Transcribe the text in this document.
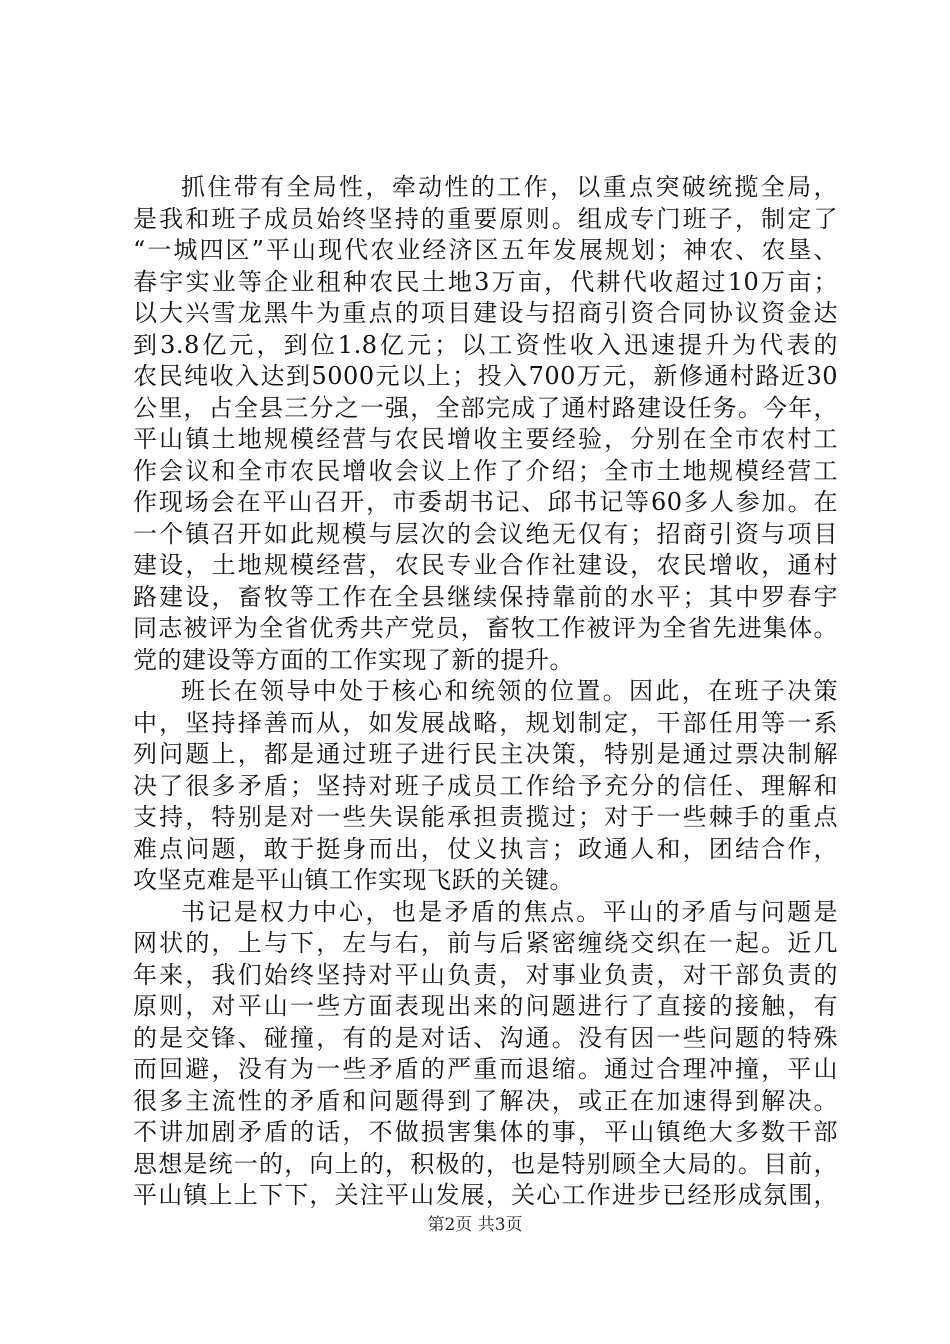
抓住带有全局性，牵动性的工作，以重点突破统揽全局，
是我和班子成员始终坚持的重要原则。组成专门班子，制定了
“一城四区”平山现代农业经济区五年发展规划；神农、农垦、
春宇实业等企业租种农民土地3万亩，代耕代收超过10万亩；
以大兴雪龙黑牛为重点的项目建设与招商引资合同协议资金达
到3.8亿元，到位1.8亿元；以工资性收入迅速提升为代表的
农民纯收入达到5000元以上；投入700万元，新修通村路近30
公里，占全县三分之一强，全部完成了通村路建设任务。今年，
平山镇土地规模经营与农民增收主要经验，分别在全市农村工
作会议和全市农民增收会议上作了介绍；全市土地规模经营工
作现场会在平山召开，市委胡书记、邱书记等60多人参加。在
一个镇召开如此规模与层次的会议绝无仅有；招商引资与项目
建设，土地规模经营，农民专业合作社建设，农民增收，通村
路建设，畜牧等工作在全县继续保持靠前的水平；其中罗春宇
同志被评为全省优秀共产党员，畜牧工作被评为全省先进集体。
党的建设等方面的工作实现了新的提升。
班长在领导中处于核心和统领的位置。因此，在班子决策
中，坚持择善而从，如发展战略，规划制定，干部任用等一系
列问题上，都是通过班子进行民主决策，特别是通过票决制解
决了很多矛盾；坚持对班子成员工作给予充分的信任、理解和
支持，特别是对一些失误能承担责揽过；对于一些棘手的重点
难点问题，敢于挺身而出，仗义执言；政通人和，团结合作，
攻坚克难是平山镇工作实现飞跃的关键。
书记是权力中心，也是矛盾的焦点。平山的矛盾与问题是
网状的，上与下，左与右，前与后紧密缠绕交织在一起。近几
年来，我们始终坚持对平山负责，对事业负责，对干部负责的
原则，对平山一些方面表现出来的问题进行了直接的接触，有
的是交锋、碰撞，有的是对话、沟通。没有因一些问题的特殊
而回避，没有为一些矛盾的严重而退缩。通过合理冲撞，平山
很多主流性的矛盾和问题得到了解决，或正在加速得到解决。
不讲加剧矛盾的话，不做损害集体的事，平山镇绝大多数干部
思想是统一的，向上的，积极的，也是特别顾全大局的。目前，
平山镇上上下下，关注平山发展，关心工作进步已经形成氛围，
第2页 共3页
